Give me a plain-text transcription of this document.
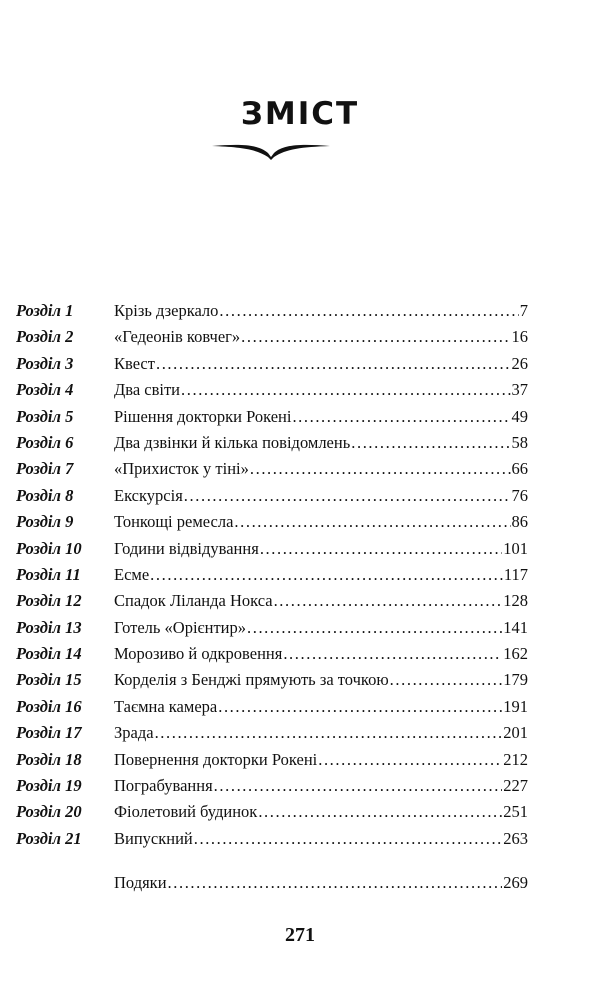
ЗМІСТ
Розділ 1	Крізь дзеркало .....	7
Розділ 2	«Гедеонів ковчег» .....	16
Розділ 3	Квест .....	26
Розділ 4	Два світи .....	37
Розділ 5	Рішення докторки Рокені .....	49
Розділ 6	Два дзвінки й кілька повідомлень .....	58
Розділ 7	«Прихисток у тіні» .....	66
Розділ 8	Екскурсія .....	76
Розділ 9	Тонкощі ремесла .....	86
Розділ 10	Години відвідування .....	101
Розділ 11	Есме .....	117
Розділ 12	Спадок Ліланда Нокса .....	128
Розділ 13	Готель «Орієнтир» .....	141
Розділ 14	Морозиво й одкровення .....	162
Розділ 15	Корделія з Бенджі прямують за точкою .....	179
Розділ 16	Таємна камера .....	191
Розділ 17	Зрада .....	201
Розділ 18	Повернення докторки Рокені .....	212
Розділ 19	Пограбування .....	227
Розділ 20	Фіолетовий будинок .....	251
Розділ 21	Випускний .....	263
Подяки .....	269
271
